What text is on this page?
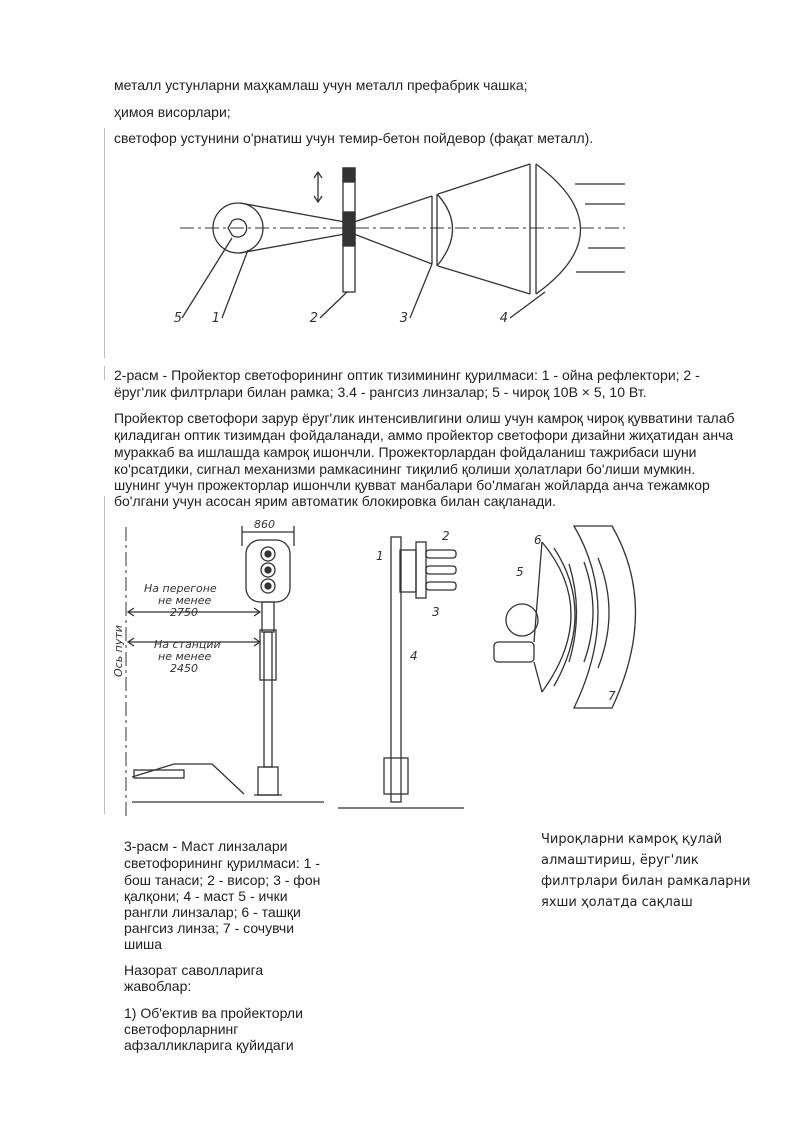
металл устунларни маҳкамлаш учун металл префабрик чашка;

ҳимоя висорлари;

светофор устунини о'рнатиш учун темир-бетон пойдевор (фақат металл).

5 1	2	3	4

2-расм - Пройектор светофорининг оптик тизимининг қурилмаси: 1 - ойна рефлектори; 2 -

ёруг'лик филтрлари билан рамка; 3.4 - рангсиз линзалар; 5 - чироқ 10В × 5, 10 Вт.

Пройектор светофори зарур ёруг'лик интенсивлигини олиш учун камроқ чироқ қувватини талаб

қиладиган оптик тизимдан фойдаланади, аммо пройектор светофори дизайни жиҳатидан анча

мураккаб ва ишлашда камроқ ишончли. Прожекторлардан фойдаланиш тажрибаси шуни

ко'рсатдики, сигнал механизми рамкасининг тиқилиб қолиши ҳолатлари бо'лиши мумкин.

шунинг учун прожекторлар ишончли қувват манбалари бо'лмаган жойларда анча тежамкор

бо'лгани учун асосан ярим автоматик блокировка билан сақланади.

860
На перегоне
не менее
2750
На станции
не менее
2450
Ось пути
1
2
3
4
5
6
7

3-расм - Маст линзалари

светофорининг қурилмаси: 1 -

бош танаси; 2 - висор; 3 - фон

қалқони; 4 - маст 5 - ички

рангли линзалар; 6 - ташқи

рангсиз линза; 7 - сочувчи

шиша

Чироқларни камроқ қулай

алмаштириш, ёруг'лик

филтрлари билан рамкаларни

яхши ҳолатда сақлаш

Назорат саволларига

жавоблар:

1) Об'ектив ва пройекторли

светофорларнинг

афзалликларига қуйидаги
